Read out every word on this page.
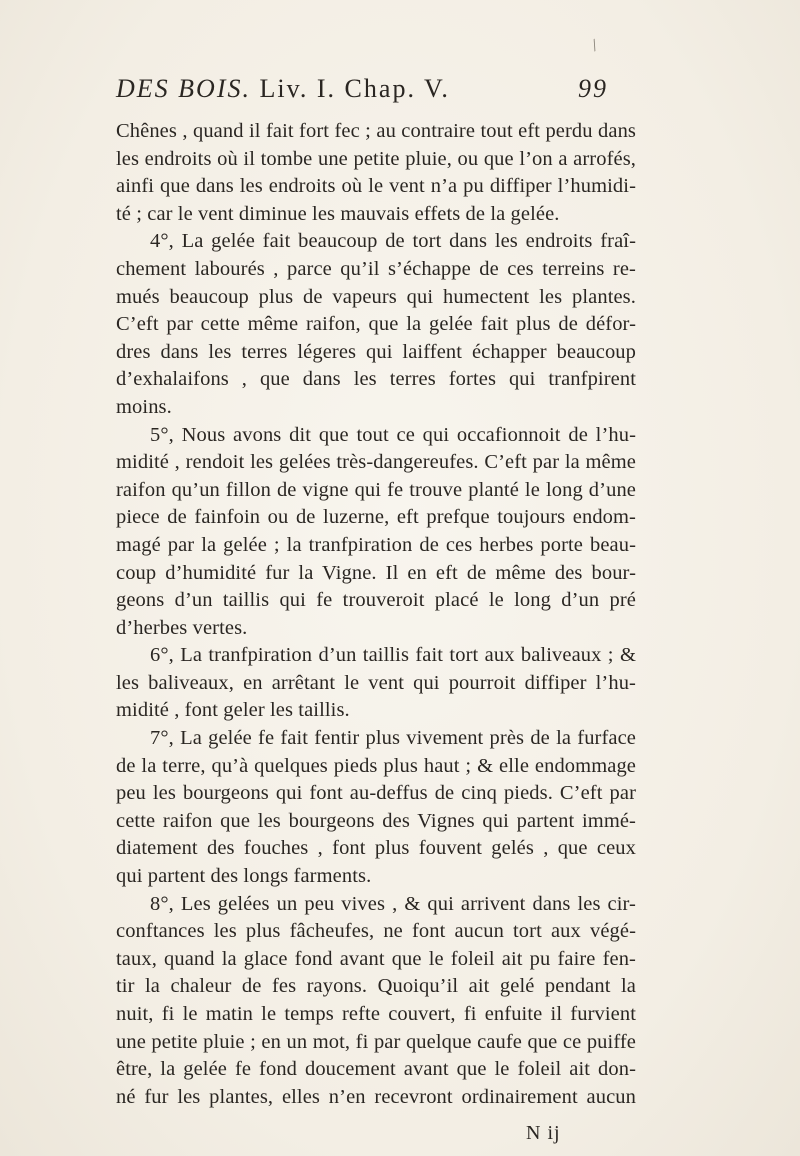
⁄
DES BOIS. Liv. I. Chap. V.	99
Chênes , quand il fait fort fec ; au contraire tout eft perdu dans
les endroits où il tombe une petite pluie, ou que l’on a arrofés,
ainfi que dans les endroits où le vent n’a pu diffiper l’humidi-
té ; car le vent diminue les mauvais effets de la gelée.
4°, La gelée fait beaucoup de tort dans les endroits fraî-
chement labourés , parce qu’il s’échappe de ces terreins re-
mués beaucoup plus de vapeurs qui humectent les plantes.
C’eft par cette même raifon, que la gelée fait plus de défor-
dres dans les terres légeres qui laiffent échapper beaucoup
d’exhalaifons , que dans les terres fortes qui tranfpirent
moins.
5°, Nous avons dit que tout ce qui occafionnoit de l’hu-
midité , rendoit les gelées très-dangereufes. C’eft par la même
raifon qu’un fillon de vigne qui fe trouve planté le long d’une
piece de fainfoin ou de luzerne, eft prefque toujours endom-
magé par la gelée ; la tranfpiration de ces herbes porte beau-
coup d’humidité fur la Vigne. Il en eft de même des bour-
geons d’un taillis qui fe trouveroit placé le long d’un pré
d’herbes vertes.
6°, La tranfpiration d’un taillis fait tort aux baliveaux ; &
les baliveaux, en arrêtant le vent qui pourroit diffiper l’hu-
midité , font geler les taillis.
7°, La gelée fe fait fentir plus vivement près de la furface
de la terre, qu’à quelques pieds plus haut ; & elle endommage
peu les bourgeons qui font au-deffus de cinq pieds. C’eft par
cette raifon que les bourgeons des Vignes qui partent immé-
diatement des fouches , font plus fouvent gelés , que ceux
qui partent des longs farments.
8°, Les gelées un peu vives , & qui arrivent dans les cir-
conftances les plus fâcheufes, ne font aucun tort aux végé-
taux, quand la glace fond avant que le foleil ait pu faire fen-
tir la chaleur de fes rayons. Quoiqu’il ait gelé pendant la
nuit, fi le matin le temps refte couvert, fi enfuite il furvient
une petite pluie ; en un mot, fi par quelque caufe que ce puiffe
être, la gelée fe fond doucement avant que le foleil ait don-
né fur les plantes, elles n’en recevront ordinairement aucun
N ij
